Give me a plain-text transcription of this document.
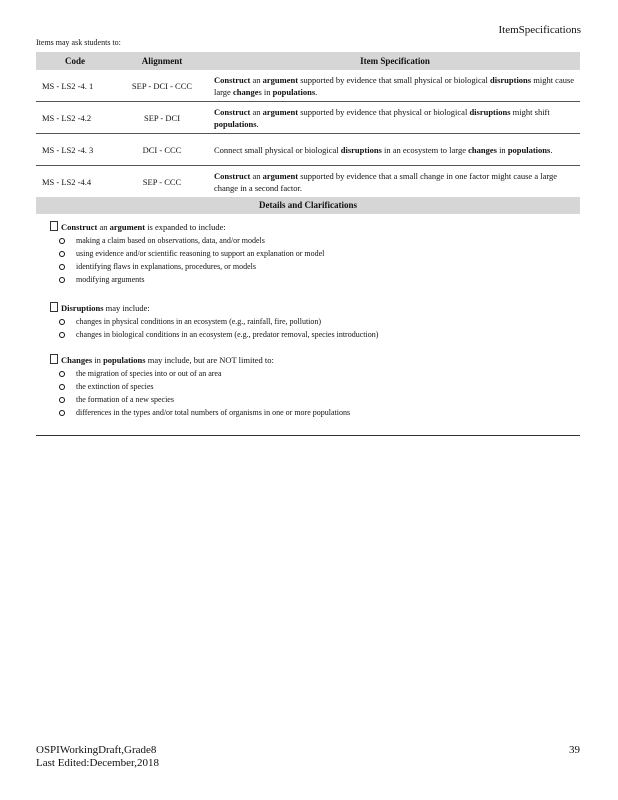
ItemSpecifications
Items may ask students to:
Code	Alignment	Item Specification
MS - LS2 -4. 1	SEP - DCI - CCC	Construct an argument supported by evidence that small physical or biological disruptions might cause large changes in populations.
MS - LS2 -4.2	SEP - DCI	Construct an argument supported by evidence that physical or biological disruptions might shift populations.
MS - LS2 -4. 3	DCI - CCC	Connect small physical or biological disruptions in an ecosystem to large changes in populations.
MS - LS2 -4.4	SEP - CCC	Construct an argument supported by evidence that a small change in one factor might cause a large change in a second factor.
Details and Clarifications
Construct an argument is expanded to include:
making a claim based on observations, data, and/or models
using evidence and/or scientific reasoning to support an explanation or model
identifying flaws in explanations, procedures, or models
modifying arguments
Disruptions may include:
changes in physical conditions in an ecosystem (e.g., rainfall, fire, pollution)
changes in biological conditions in an ecosystem (e.g., predator removal, species introduction)
Changes in populations may include, but are NOT limited to:
the migration of species into or out of an area
the extinction of species
the formation of a new species
differences in the types and/or total numbers of organisms in one or more populations
OSPIWorkingDraft,Grade8
Last Edited:December,2018
39
